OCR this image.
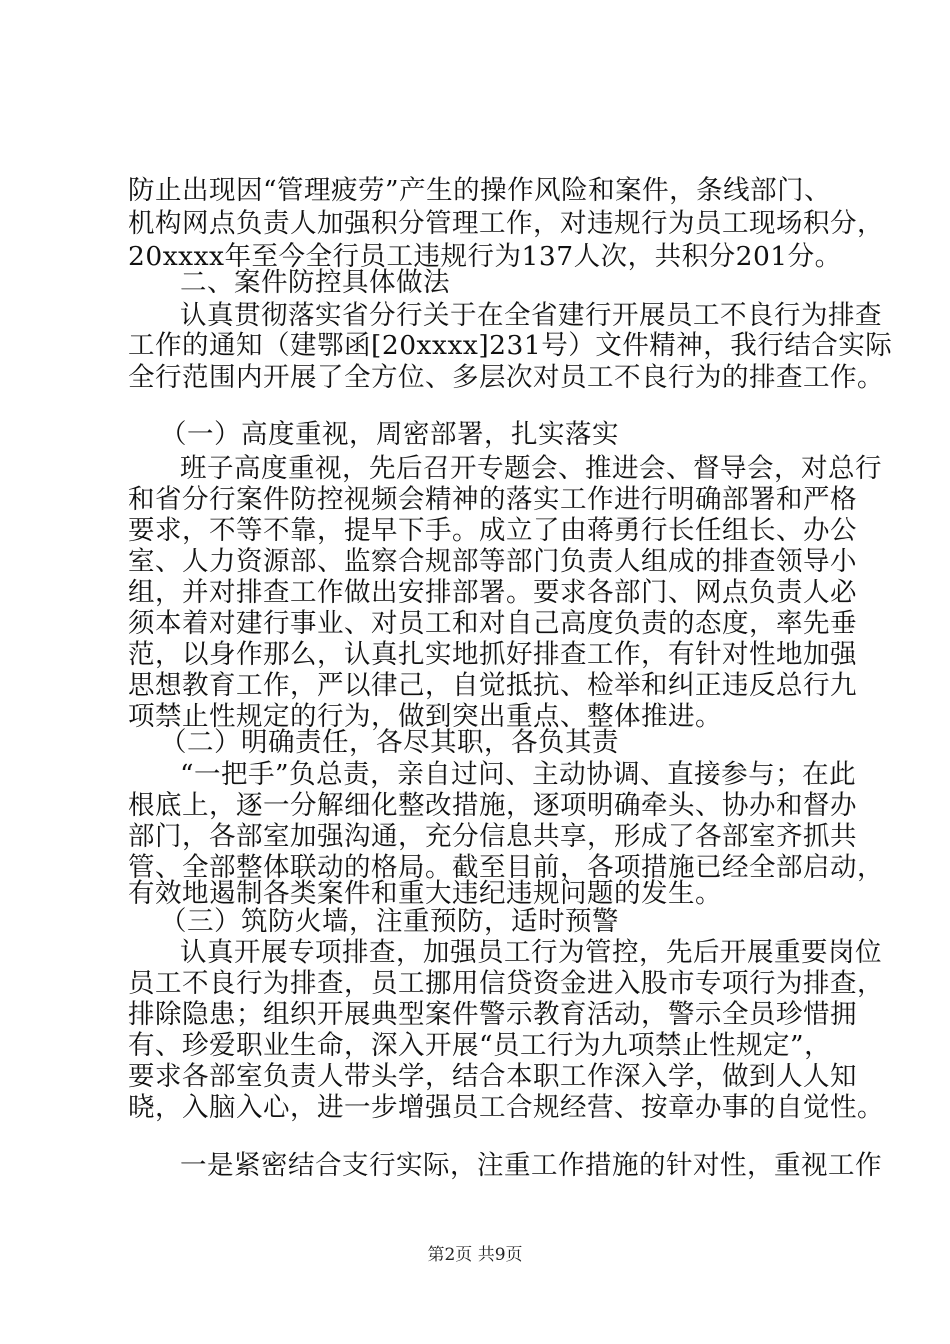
防止出现因“管理疲劳”产生的操作风险和案件，条线部门、
机构网点负责人加强积分管理工作，对违规行为员工现场积分，
20xxxx年至今全行员工违规行为137人次，共积分201分。
二、案件防控具体做法
认真贯彻落实省分行关于在全省建行开展员工不良行为排查
工作的通知（建鄂函[20xxxx]231号）文件精神，我行结合实际
全行范围内开展了全方位、多层次对员工不良行为的排查工作。
（一）高度重视，周密部署，扎实落实
班子高度重视，先后召开专题会、推进会、督导会，对总行
和省分行案件防控视频会精神的落实工作进行明确部署和严格
要求，不等不靠，提早下手。成立了由蒋勇行长任组长、办公
室、人力资源部、监察合规部等部门负责人组成的排查领导小
组，并对排查工作做出安排部署。要求各部门、网点负责人必
须本着对建行事业、对员工和对自己高度负责的态度，率先垂
范，以身作那么，认真扎实地抓好排查工作，有针对性地加强
思想教育工作，严以律己，自觉抵抗、检举和纠正违反总行九
项禁止性规定的行为，做到突出重点、整体推进。
（二）明确责任，各尽其职，各负其责
“一把手”负总责，亲自过问、主动协调、直接参与；在此
根底上，逐一分解细化整改措施，逐项明确牵头、协办和督办
部门，各部室加强沟通，充分信息共享，形成了各部室齐抓共
管、全部整体联动的格局。截至目前，各项措施已经全部启动，
有效地遏制各类案件和重大违纪违规问题的发生。
（三）筑防火墙，注重预防，适时预警
认真开展专项排查，加强员工行为管控，先后开展重要岗位
员工不良行为排查，员工挪用信贷资金进入股市专项行为排查，
排除隐患；组织开展典型案件警示教育活动，警示全员珍惜拥
有、珍爱职业生命，深入开展“员工行为九项禁止性规定”，
要求各部室负责人带头学，结合本职工作深入学，做到人人知
晓，入脑入心，进一步增强员工合规经营、按章办事的自觉性。
一是紧密结合支行实际，注重工作措施的针对性，重视工作
第2页 共9页
